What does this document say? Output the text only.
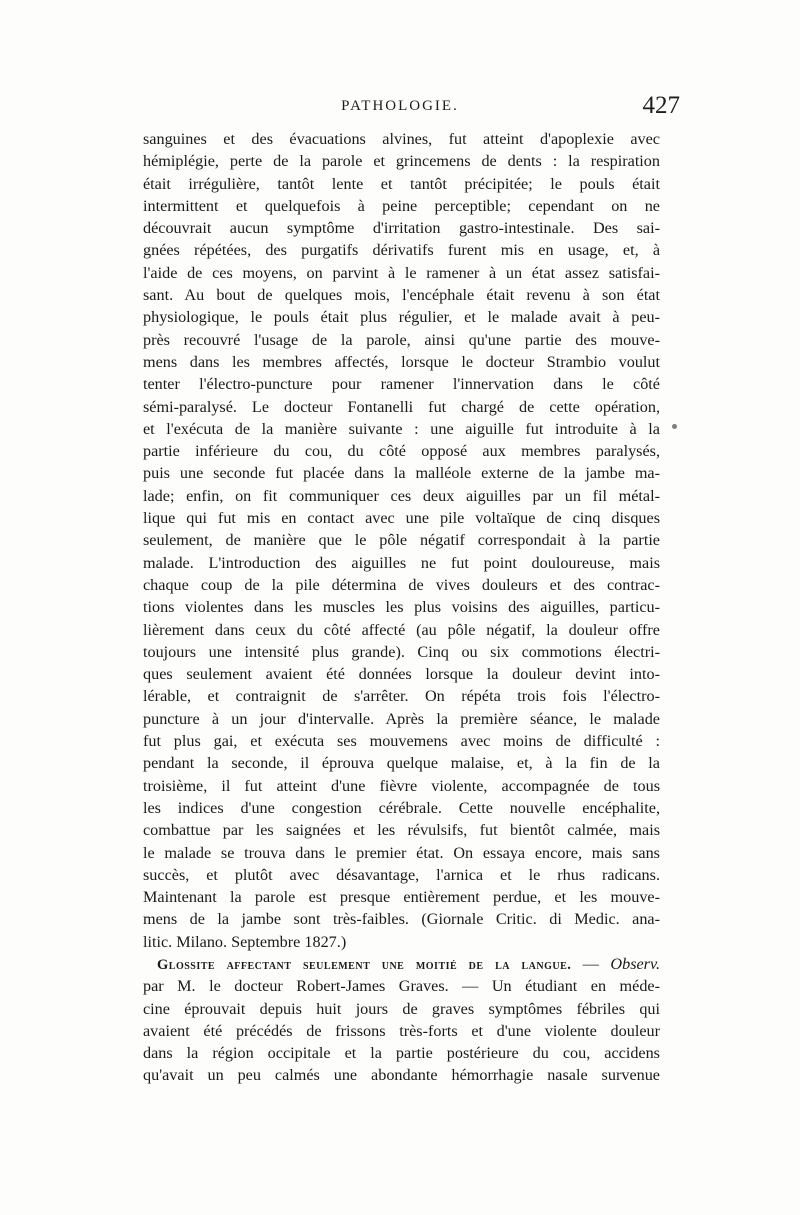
PATHOLOGIE.	427
sanguines et des évacuations alvines, fut atteint d'apoplexie avec
hémiplégie, perte de la parole et grincemens de dents : la respiration
était irrégulière, tantôt lente et tantôt précipitée; le pouls était
intermittent et quelquefois à peine perceptible; cependant on ne
découvrait aucun symptôme d'irritation gastro-intestinale. Des sai-
gnées répétées, des purgatifs dérivatifs furent mis en usage, et, à
l'aide de ces moyens, on parvint à le ramener à un état assez satisfai-
sant. Au bout de quelques mois, l'encéphale était revenu à son état
physiologique, le pouls était plus régulier, et le malade avait à peu-
près recouvré l'usage de la parole, ainsi qu'une partie des mouve-
mens dans les membres affectés, lorsque le docteur Strambio voulut
tenter l'électro-puncture pour ramener l'innervation dans le côté
sémi-paralysé. Le docteur Fontanelli fut chargé de cette opération,
et l'exécuta de la manière suivante : une aiguille fut introduite à la
partie inférieure du cou, du côté opposé aux membres paralysés,
puis une seconde fut placée dans la malléole externe de la jambe ma-
lade; enfin, on fit communiquer ces deux aiguilles par un fil métal-
lique qui fut mis en contact avec une pile voltaïque de cinq disques
seulement, de manière que le pôle négatif correspondait à la partie
malade. L'introduction des aiguilles ne fut point douloureuse, mais
chaque coup de la pile détermina de vives douleurs et des contrac-
tions violentes dans les muscles les plus voisins des aiguilles, particu-
lièrement dans ceux du côté affecté (au pôle négatif, la douleur offre
toujours une intensité plus grande). Cinq ou six commotions électri-
ques seulement avaient été données lorsque la douleur devint into-
lérable, et contraignit de s'arrêter. On répéta trois fois l'électro-
puncture à un jour d'intervalle. Après la première séance, le malade
fut plus gai, et exécuta ses mouvemens avec moins de difficulté :
pendant la seconde, il éprouva quelque malaise, et, à la fin de la
troisième, il fut atteint d'une fièvre violente, accompagnée de tous
les indices d'une congestion cérébrale. Cette nouvelle encéphalite,
combattue par les saignées et les révulsifs, fut bientôt calmée, mais
le malade se trouva dans le premier état. On essaya encore, mais sans
succès, et plutôt avec désavantage, l'arnica et le rhus radicans.
Maintenant la parole est presque entièrement perdue, et les mouve-
mens de la jambe sont très-faibles. (Giornale Critic. di Medic. ana-
litic. Milano. Septembre 1827.)
Glossite affectant seulement une moitié de la langue. — Observ.
par M. le docteur Robert-James Graves. — Un étudiant en méde-
cine éprouvait depuis huit jours de graves symptômes fébriles qui
avaient été précédés de frissons très-forts et d'une violente douleur
dans la région occipitale et la partie postérieure du cou, accidens
qu'avait un peu calmés une abondante hémorrhagie nasale survenue
